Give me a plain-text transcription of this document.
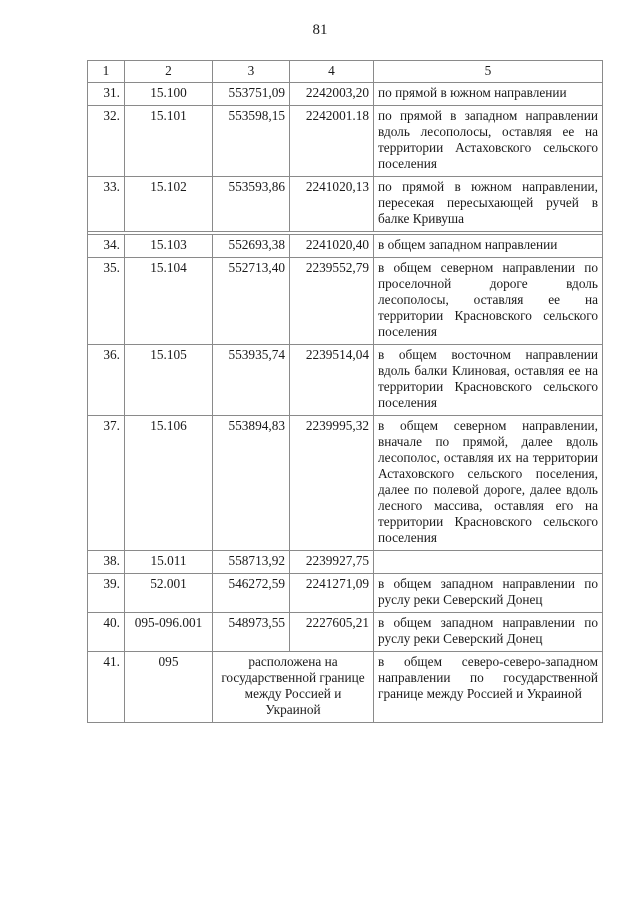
81
1	2	3	4	5
31.	15.100	553751,09	2242003,20	по прямой в южном направлении
32.	15.101	553598,15	2242001.18	по прямой в западном направлении вдоль лесополосы, оставляя ее на территории Астаховского сельского поселения
33.	15.102	553593,86	2241020,13	по прямой в южном направлении, пересекая пересыхающей ручей в балке Кривуша

34.	15.103	552693,38	2241020,40	в общем западном направлении
35.	15.104	552713,40	2239552,79	в общем северном направлении по проселочной дороге вдоль лесополосы, оставляя ее на территории Красновского сельского поселения
36.	15.105	553935,74	2239514,04	в общем восточном направлении вдоль балки Клиновая, оставляя ее на территории Красновского сельского поселения
37.	15.106	553894,83	2239995,32	в общем северном направлении, вначале по прямой, далее вдоль лесополос, оставляя их на территории Астаховского сельского поселения, далее по полевой дороге, далее вдоль лесного массива, оставляя его на территории Красновского сельского поселения
38.	15.011	558713,92	2239927,75	
39.	52.001	546272,59	2241271,09	в общем западном направлении по руслу реки Северский Донец
40.	095-096.001	548973,55	2227605,21	в общем западном направлении по руслу реки Северский Донец
41.	095	расположена на государственной границе между Россией и Украиной		в общем северо-северо-западном направлении по государственной границе между Россией и Украиной
